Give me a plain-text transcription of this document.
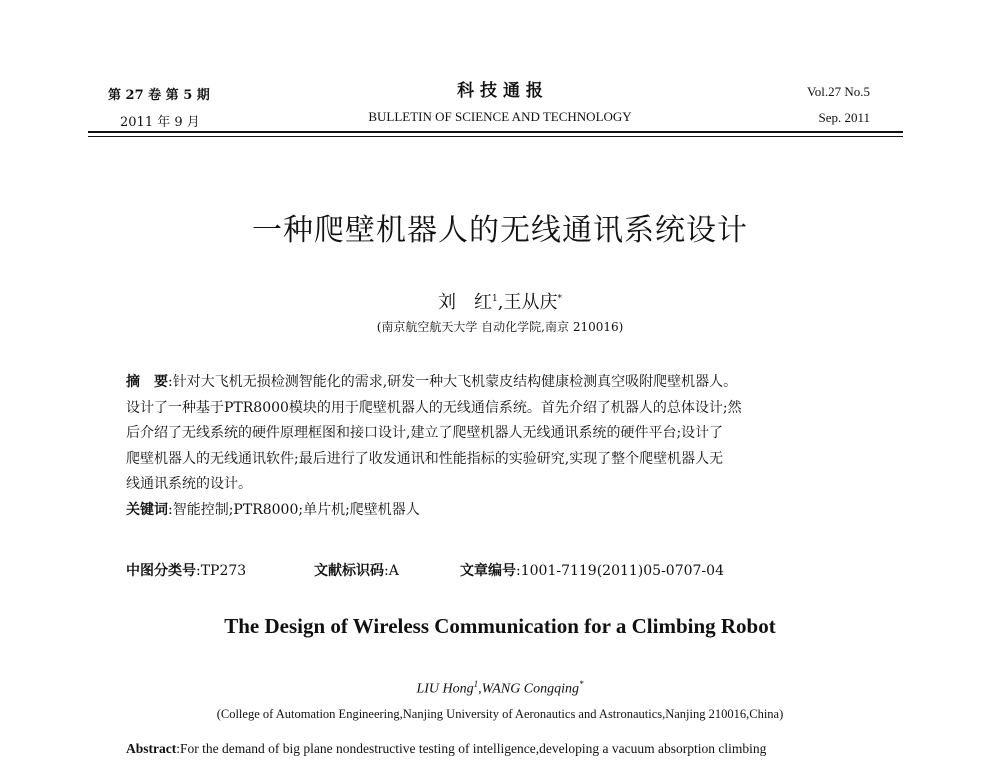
第 27 卷 第 5 期
2011 年 9 月
科 技 通 报
BULLETIN OF SCIENCE AND TECHNOLOGY
Vol.27 No.5
Sep. 2011
一种爬壁机器人的无线通讯系统设计
刘　红$^1$,王从庆*
(南京航空航天大学 自动化学院,南京 210016)
摘　要:针对大飞机无损检测智能化的需求,研发一种大飞机蒙皮结构健康检测真空吸附爬壁机器人。
设计了一种基于PTR8000模块的用于爬壁机器人的无线通信系统。首先介绍了机器人的总体设计;然
后介绍了无线系统的硬件原理框图和接口设计,建立了爬壁机器人无线通讯系统的硬件平台;设计了
爬壁机器人的无线通讯软件;最后进行了收发通讯和性能指标的实验研究,实现了整个爬壁机器人无
线通讯系统的设计。
关键词:智能控制;PTR8000;单片机;爬壁机器人
中图分类号:TP273	文献标识码:A	文章编号:1001-7119(2011)05-0707-04
The Design of Wireless Communication for a Climbing Robot
LIU Hong$^1$,WANG Congqing*
(College of Automation Engineering,Nanjing University of Aeronautics and Astronautics,Nanjing 210016,China)
Abstract:For the demand of big plane nondestructive testing of intelligence,developing a vacuum absorption climbing
